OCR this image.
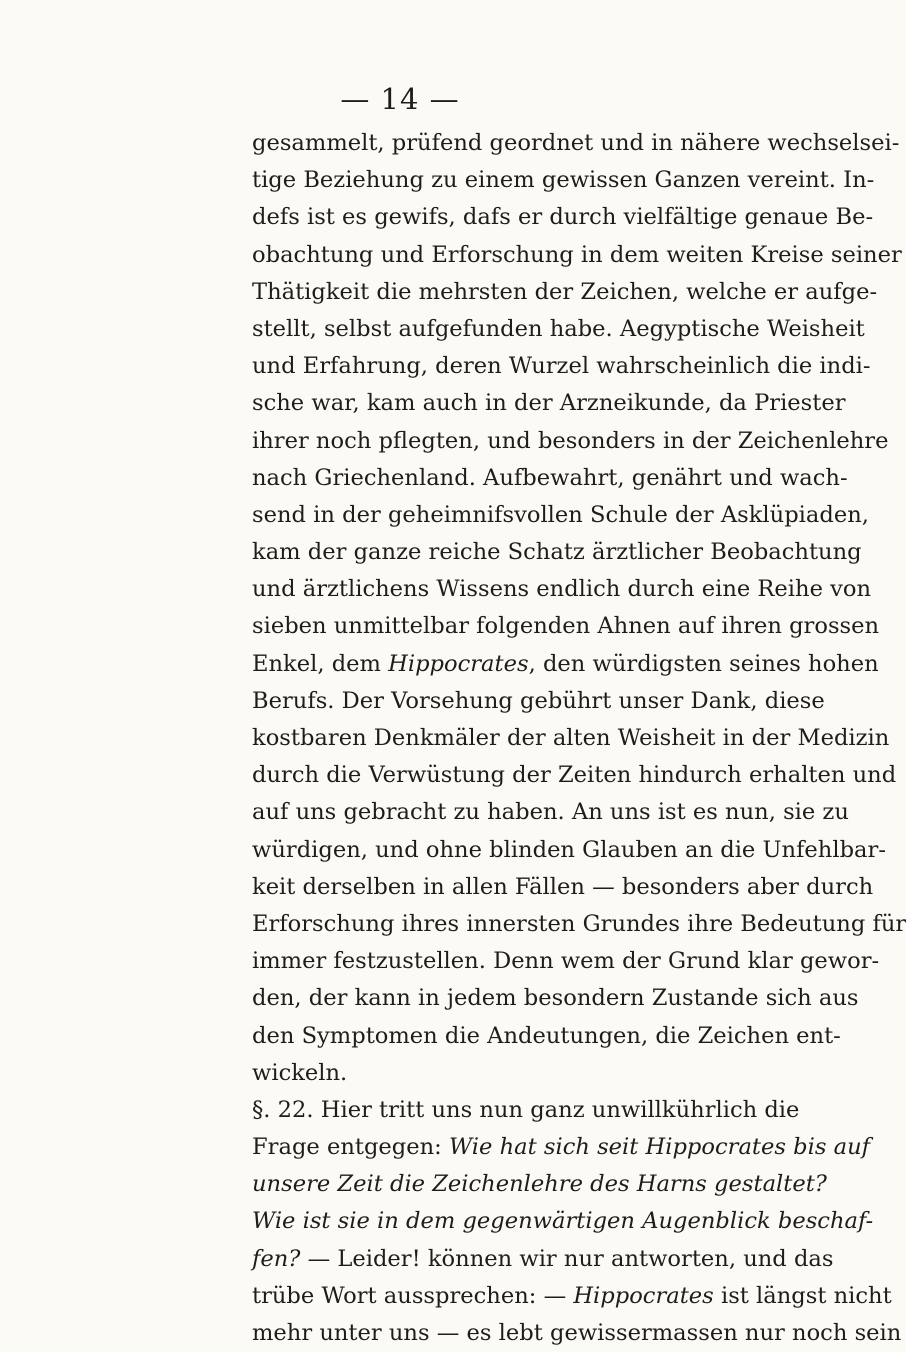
— 14 —
gesammelt, prüfend geordnet und in nähere wechselsei-
tige Beziehung zu einem gewissen Ganzen vereint. In-
defs ist es gewifs, dafs er durch vielfältige genaue Be-
obachtung und Erforschung in dem weiten Kreise seiner
Thätigkeit die mehrsten der Zeichen, welche er aufge-
stellt, selbst aufgefunden habe. Aegyptische Weisheit
und Erfahrung, deren Wurzel wahrscheinlich die indi-
sche war, kam auch in der Arzneikunde, da Priester
ihrer noch pflegten, und besonders in der Zeichenlehre
nach Griechenland. Aufbewahrt, genährt und wach-
send in der geheimnifsvollen Schule der Asklüpiaden,
kam der ganze reiche Schatz ärztlicher Beobachtung
und ärztlichens Wissens endlich durch eine Reihe von
sieben unmittelbar folgenden Ahnen auf ihren grossen
Enkel, dem Hippocrates, den würdigsten seines hohen
Berufs. Der Vorsehung gebührt unser Dank, diese
kostbaren Denkmäler der alten Weisheit in der Medizin
durch die Verwüstung der Zeiten hindurch erhalten und
auf uns gebracht zu haben. An uns ist es nun, sie zu
würdigen, und ohne blinden Glauben an die Unfehlbar-
keit derselben in allen Fällen — besonders aber durch
Erforschung ihres innersten Grundes ihre Bedeutung für
immer festzustellen. Denn wem der Grund klar gewor-
den, der kann in jedem besondern Zustande sich aus
den Symptomen die Andeutungen, die Zeichen ent-
wickeln.
§. 22. Hier tritt uns nun ganz unwillkührlich die
Frage entgegen: Wie hat sich seit Hippocrates bis auf
unsere Zeit die Zeichenlehre des Harns gestaltet?
Wie ist sie in dem gegenwärtigen Augenblick beschaf-
fen? — Leider! können wir nur antworten, und das
trübe Wort aussprechen: — Hippocrates ist längst nicht
mehr unter uns — es lebt gewissermassen nur noch sein
